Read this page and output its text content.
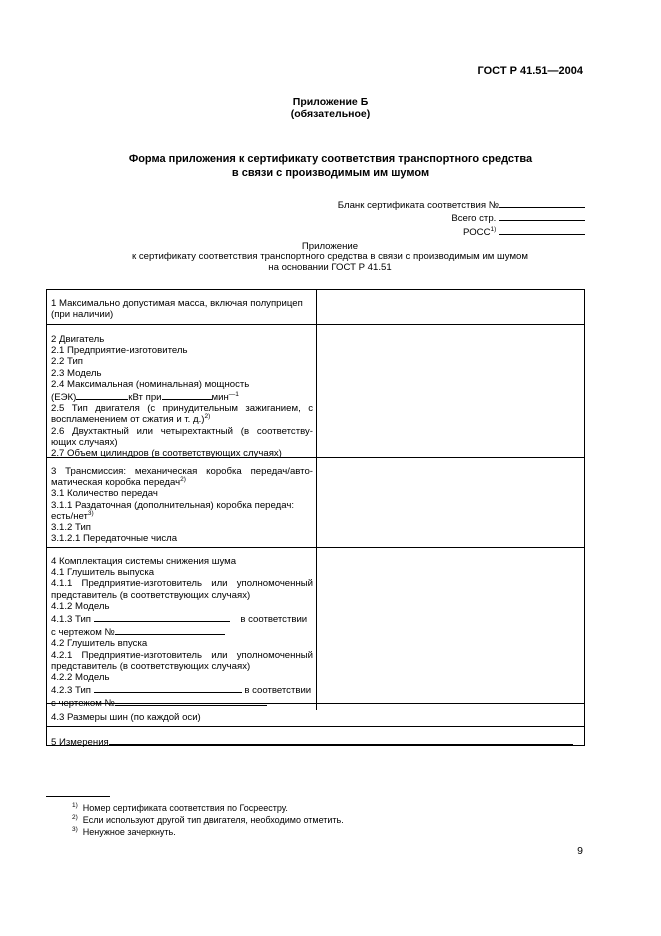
ГОСТ Р 41.51—2004
Приложение Б
(обязательное)
Форма приложения к сертификату соответствия транспортного средства
в связи с производимым им шумом
Бланк сертификата соответствия №
Всего стр.
РОСС$^{1)}$
Приложение
к сертификату соответствия транспортного средства в связи с производимым им шумом
на основании ГОСТ Р 41.51

1 Максимально допустимая масса, включая полуприцеп

(при наличии)

2 Двигатель

2.1 Предприятие-изготовитель

2.2 Тип

2.3 Модель

2.4 Максимальная (номинальная) мощность

(ЕЭК)	кВт при	мин$^{—1}$

2.5 Тип двигателя (с принудительным зажиганием, с

воспламенением от сжатия и т. д.)$^{2)}$

2.6 Двухтактный или четырехтактный (в соответству-

ющих случаях)

2.7 Объем цилиндров (в соответствующих случаях)

3 Трансмиссия: механическая коробка передач/авто-

матическая коробка передач$^{2)}$

3.1 Количество передач

3.1.1 Раздаточная (дополнительная) коробка передач:

есть/нет$^{3)}$

3.1.2 Тип

3.1.2.1 Передаточные числа

4 Комплектация системы снижения шума

4.1 Глушитель выпуска

4.1.1 Предприятие-изготовитель или уполномоченный

представитель (в соответствующих случаях)

4.1.2 Модель

4.1.3 Тип	в соответствии

с чертежом №

4.2 Глушитель впуска

4.2.1 Предприятие-изготовитель или уполномоченный

представитель (в соответствующих случаях)

4.2.2 Модель

4.2.3 Тип	в соответствии

с чертежом №

4.3 Размеры шин (по каждой оси)

5 Измерения

$^{1)}$ Номер сертификата соответствия по Госреестру.
$^{2)}$ Если используют другой тип двигателя, необходимо отметить.
$^{3)}$ Ненужное зачеркнуть.
9
